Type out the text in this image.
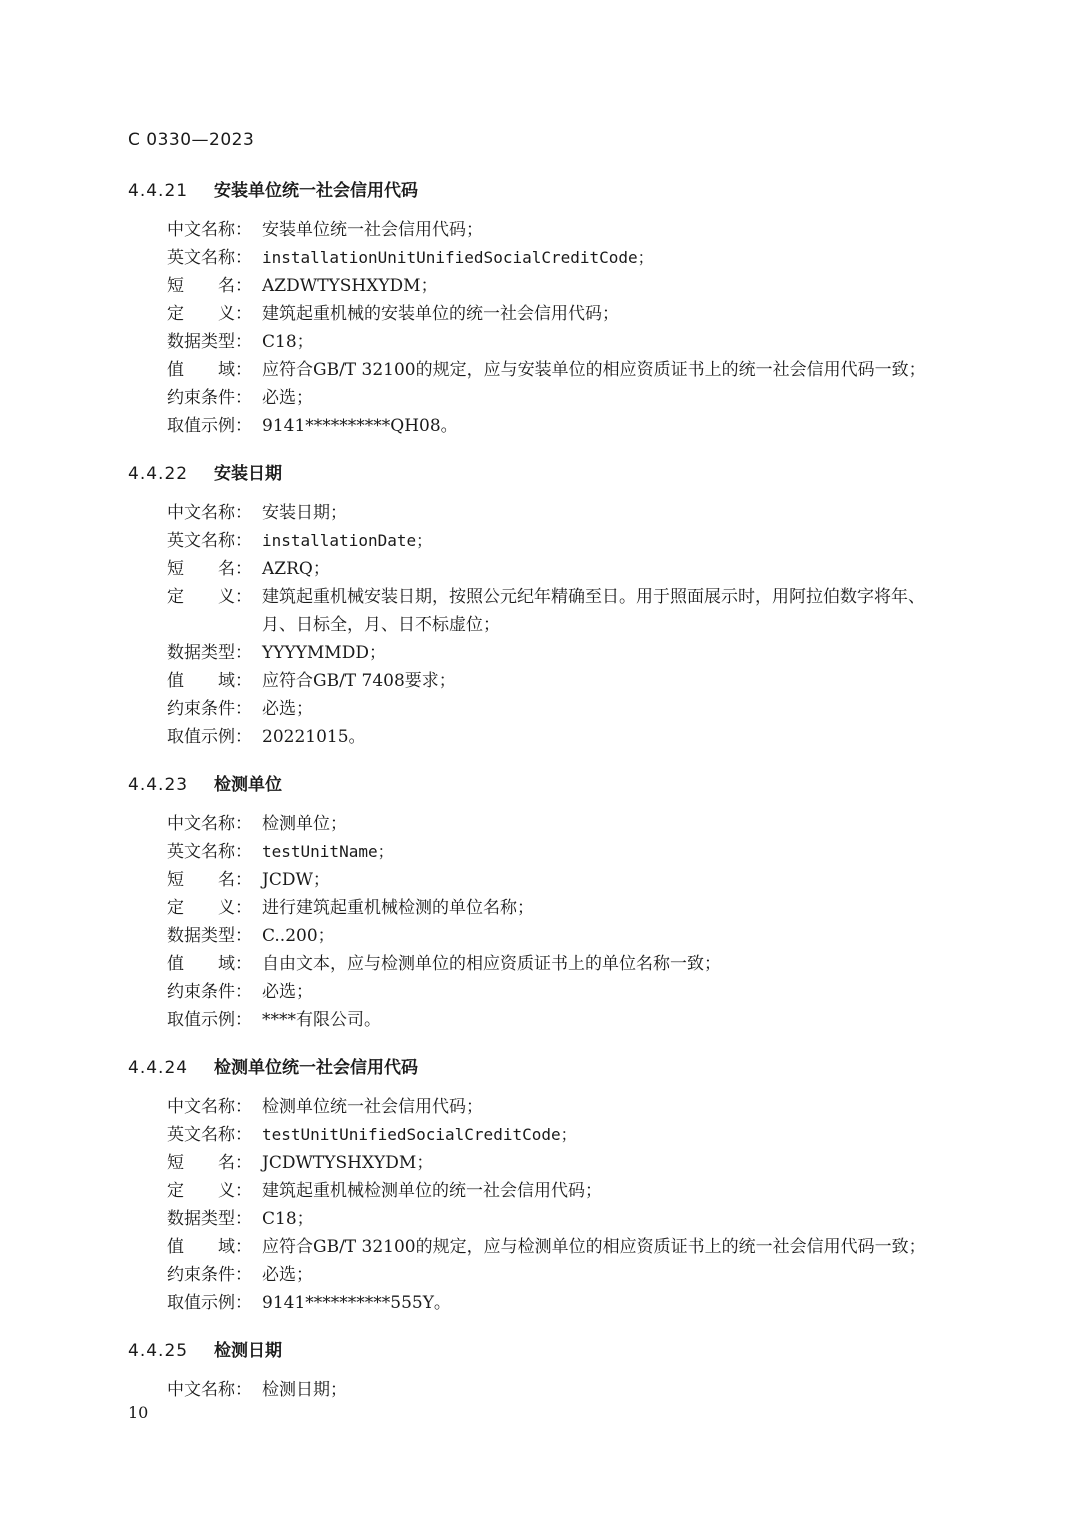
C 0330—2023
4.4.21 安装单位统一社会信用代码
中文名称： 安装单位统一社会信用代码；
英文名称： installationUnitUnifiedSocialCreditCode；
短　　名： AZDWTYSHXYDM；
定　　义： 建筑起重机械的安装单位的统一社会信用代码；
数据类型： C18；
值　　域： 应符合GB/T 32100的规定，应与安装单位的相应资质证书上的统一社会信用代码一致；
约束条件： 必选；
取值示例： 9141**********QH08。
4.4.22 安装日期
中文名称： 安装日期；
英文名称： installationDate；
短　　名： AZRQ；
定　　义： 建筑起重机械安装日期，按照公元纪年精确至日。用于照面展示时，用阿拉伯数字将年、
月、日标全，月、日不标虚位；
数据类型： YYYYMMDD；
值　　域： 应符合GB/T 7408要求；
约束条件： 必选；
取值示例： 20221015。
4.4.23 检测单位
中文名称： 检测单位；
英文名称： testUnitName；
短　　名： JCDW；
定　　义： 进行建筑起重机械检测的单位名称；
数据类型： C..200；
值　　域： 自由文本，应与检测单位的相应资质证书上的单位名称一致；
约束条件： 必选；
取值示例： ****有限公司。
4.4.24 检测单位统一社会信用代码
中文名称： 检测单位统一社会信用代码；
英文名称： testUnitUnifiedSocialCreditCode；
短　　名： JCDWTYSHXYDM；
定　　义： 建筑起重机械检测单位的统一社会信用代码；
数据类型： C18；
值　　域： 应符合GB/T 32100的规定，应与检测单位的相应资质证书上的统一社会信用代码一致；
约束条件： 必选；
取值示例： 9141**********555Y。
4.4.25 检测日期
中文名称： 检测日期；
10
